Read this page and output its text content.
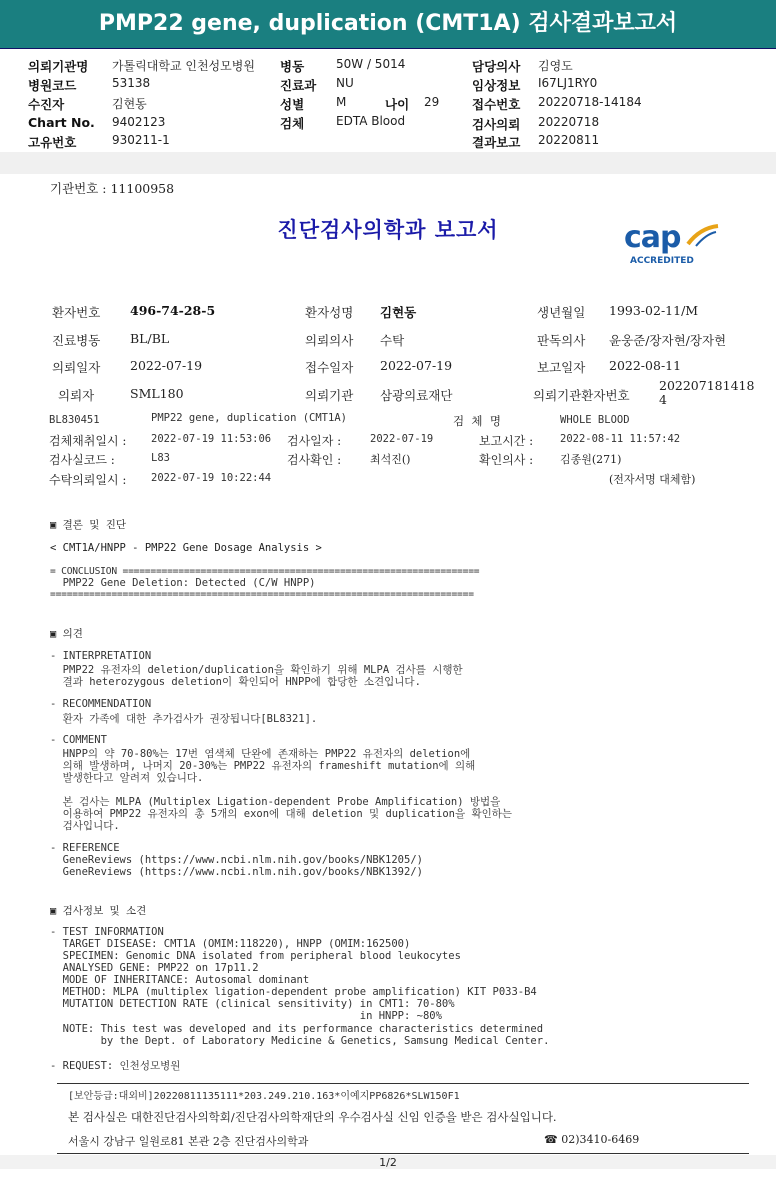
PMP22 gene, duplication (CMT1A) 검사결과보고서
의뢰기관명 가톨릭대학교 인천성모병원
병원코드	53138
수진자	김현동
Chart No. 9402123
고유번호	930211-1
병동	50W / 5014
진료과 NU
성별	M	나이 29
검체	EDTA Blood
담당의사 김영도
임상정보 I67LJ1RY0
접수번호 20220718-14184
검사의뢰 20220718
결과보고 20220811
기관번호 : 11100958
진단검사의학과 보고서	cap
ACCREDITED
환자번호 496-74-28-5	환자성명 김현동	생년월일 1993-02-11/M
진료병동 BL/BL	의뢰의사 수탁	판독의사 윤웅준/장자현/장자현
의뢰일자 2022-07-19	접수일자 2022-07-19	보고일자 2022-08-11
의뢰자	SML180	의뢰기관 삼광의료재단	의뢰기관환자번호
202207181418
4
BL830451	PMP22 gene, duplication (CMT1A)	검  체  명	WHOLE BLOOD
검체채취일시 : 2022-07-19 11:53:06 검사일자 :	2022-07-19	보고시간 :	2022-08-11 11:57:42
검사실코드 :	L83	검사확인 :	최석진()	확인의사 : 김종원(271)
수탁의뢰일시 : 2022-07-19 10:22:44	(전자서명 대체함)
▣ 결론 및 진단
< CMT1A/HNPP - PMP22 Gene Dosage Analysis >
= CONCLUSION ================================================================
PMP22 Gene Deletion: Detected (C/W HNPP)
============================================================================
▣ 의견
- INTERPRETATION
PMP22 유전자의 deletion/duplication을 확인하기 위해 MLPA 검사를 시행한
결과 heterozygous deletion이 확인되어 HNPP에 합당한 소견입니다.
- RECOMMENDATION
환자 가족에 대한 추가검사가 권장됩니다[BL8321].
- COMMENT
HNPP의 약 70-80%는 17번 염색체 단완에 존재하는 PMP22 유전자의 deletion에
의해 발생하며, 나머지 20-30%는 PMP22 유전자의 frameshift mutation에 의해
발생한다고 알려져 있습니다.
본 검사는 MLPA (Multiplex Ligation-dependent Probe Amplification) 방법을
이용하여 PMP22 유전자의 총 5개의 exon에 대해 deletion 및 duplication을 확인하는
검사입니다.
- REFERENCE
GeneReviews (https://www.ncbi.nlm.nih.gov/books/NBK1205/)
GeneReviews (https://www.ncbi.nlm.nih.gov/books/NBK1392/)
▣ 검사정보 및 소견
- TEST INFORMATION
TARGET DISEASE: CMT1A (OMIM:118220), HNPP (OMIM:162500)
SPECIMEN: Genomic DNA isolated from peripheral blood leukocytes
ANALYSED GENE: PMP22 on 17p11.2
MODE OF INHERITANCE: Autosomal dominant
METHOD: MLPA (multiplex ligation-dependent probe amplification) KIT P033-B4
MUTATION DETECTION RATE (clinical sensitivity) in CMT1: 70-80%
in HNPP: ~80%
NOTE: This test was developed and its performance characteristics determined
by the Dept. of Laboratory Medicine & Genetics, Samsung Medical Center.
- REQUEST: 인천성모병원
[보안등급:대외비]20220811135111*203.249.210.163*이예지PP6826*SLW150F1
본 검사실은 대한진단검사의학회/진단검사의학재단의 우수검사실 신임 인증을 받은 검사실입니다.
서울시 강남구 일원로81 본관 2층 진단검사의학과	☎ 02)3410-6469
1/2
